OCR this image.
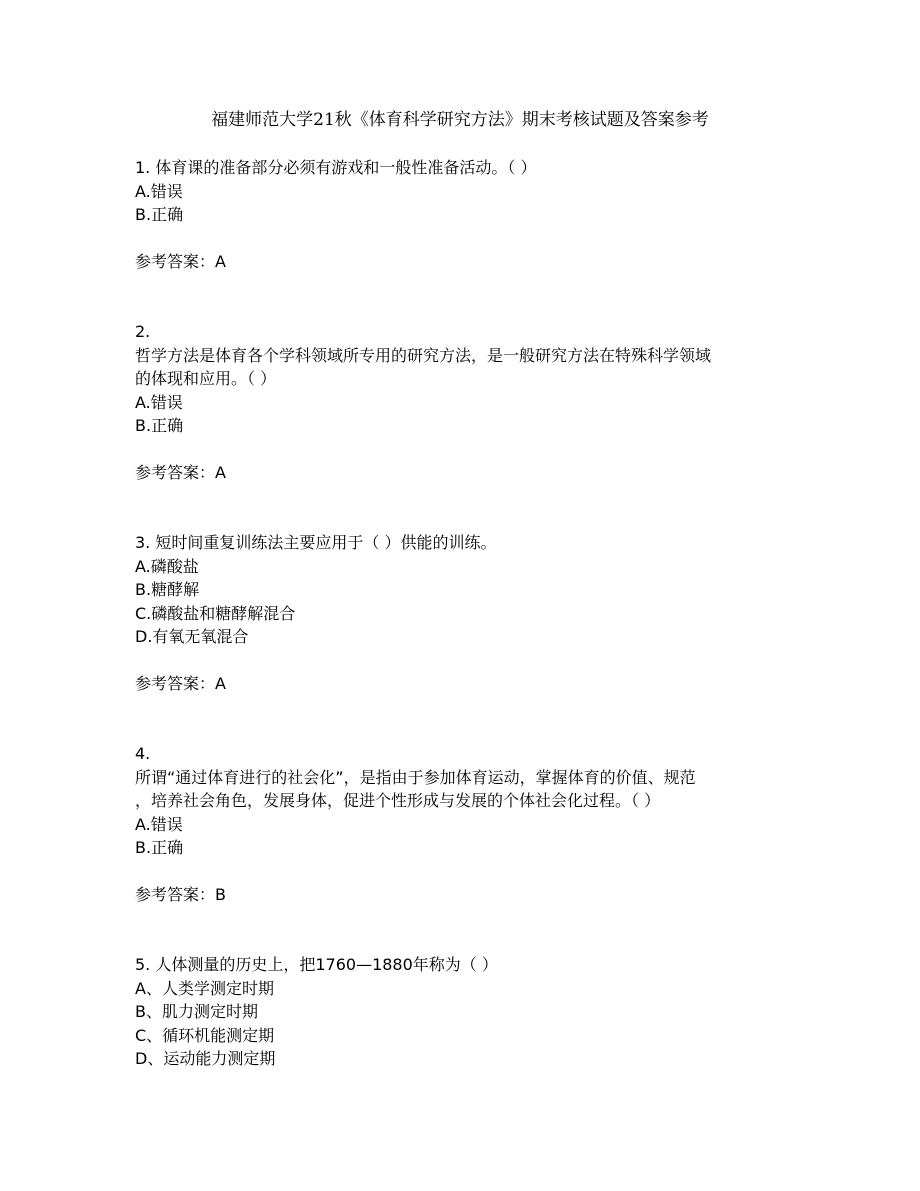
福建师范大学21秋《体育科学研究方法》期末考核试题及答案参考
1. 体育课的准备部分必须有游戏和一般性准备活动。（ ）
A.错误
B.正确
参考答案：A
2.
哲学方法是体育各个学科领域所专用的研究方法，是一般研究方法在特殊科学领域
的体现和应用。（ ）
A.错误
B.正确
参考答案：A
3. 短时间重复训练法主要应用于（ ）供能的训练。
A.磷酸盐
B.糖酵解
C.磷酸盐和糖酵解混合
D.有氧无氧混合
参考答案：A
4.
所谓“通过体育进行的社会化”，是指由于参加体育运动，掌握体育的价值、规范
，培养社会角色，发展身体，促进个性形成与发展的个体社会化过程。（ ）
A.错误
B.正确
参考答案：B
5. 人体测量的历史上，把1760—1880年称为（ ）
A、人类学测定时期
B、肌力测定时期
C、循环机能测定期
D、运动能力测定期
